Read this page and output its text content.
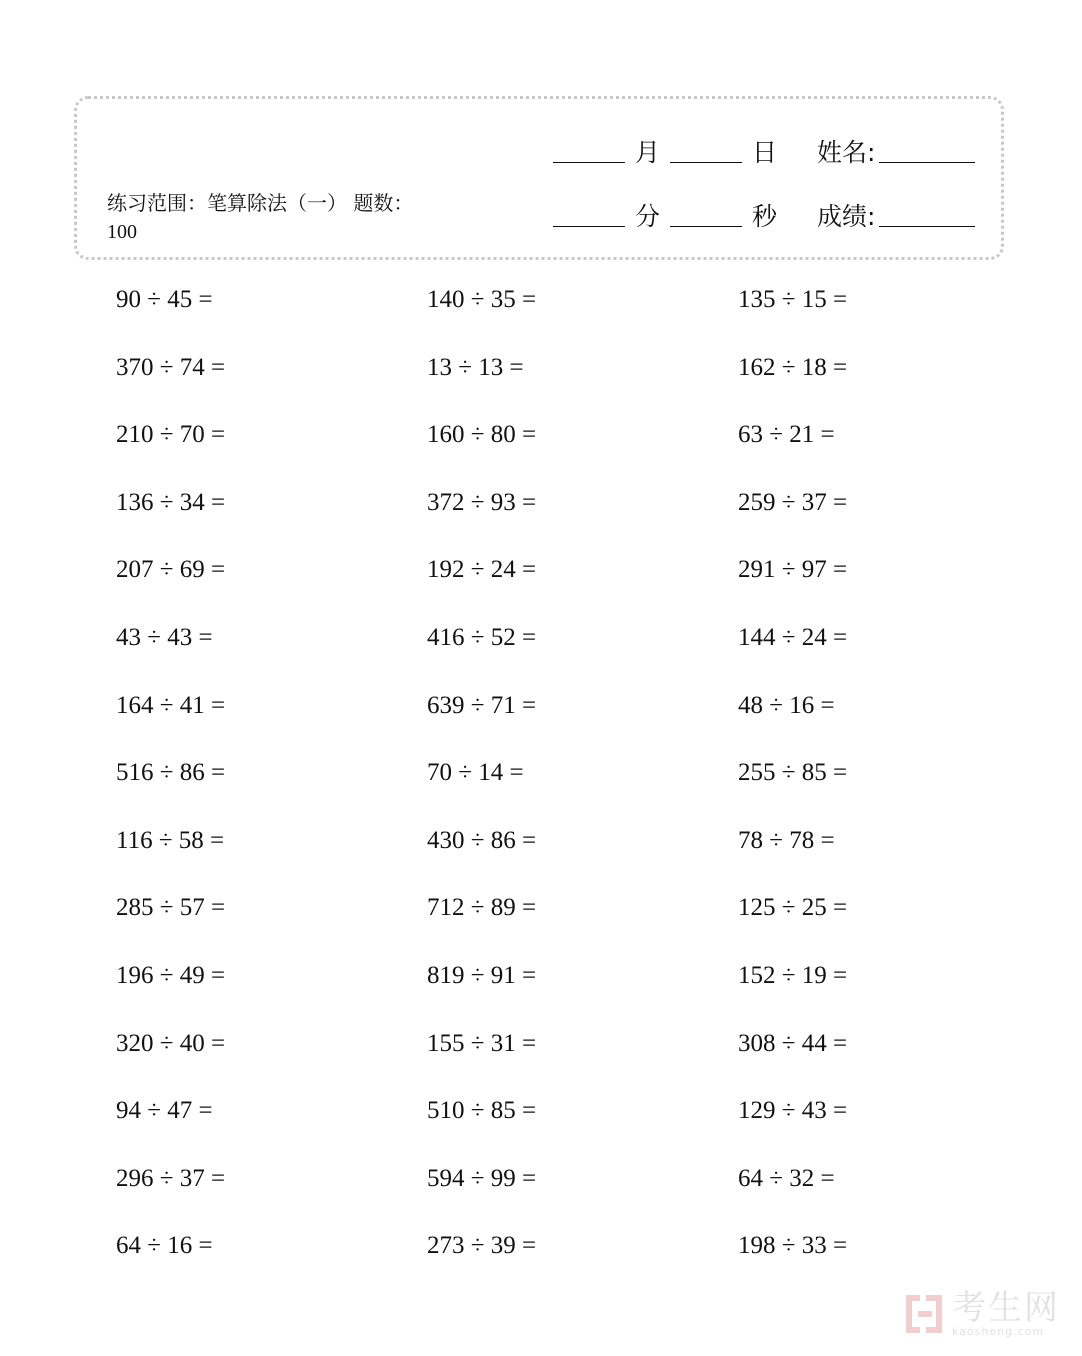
练习范围：笔算除法（一） 题数：100
月	日 姓名:
分	秒 成绩:
90 ÷ 45 =	140 ÷ 35 =	135 ÷ 15 =
370 ÷ 74 =	13 ÷ 13 =	162 ÷ 18 =
210 ÷ 70 =	160 ÷ 80 =	63 ÷ 21 =
136 ÷ 34 =	372 ÷ 93 =	259 ÷ 37 =
207 ÷ 69 =	192 ÷ 24 =	291 ÷ 97 =
43 ÷ 43 =	416 ÷ 52 =	144 ÷ 24 =
164 ÷ 41 =	639 ÷ 71 =	48 ÷ 16 =
516 ÷ 86 =	70 ÷ 14 =	255 ÷ 85 =
116 ÷ 58 =	430 ÷ 86 =	78 ÷ 78 =
285 ÷ 57 =	712 ÷ 89 =	125 ÷ 25 =
196 ÷ 49 =	819 ÷ 91 =	152 ÷ 19 =
320 ÷ 40 =	155 ÷ 31 =	308 ÷ 44 =
94 ÷ 47 =	510 ÷ 85 =	129 ÷ 43 =
296 ÷ 37 =	594 ÷ 99 =	64 ÷ 32 =
64 ÷ 16 =	273 ÷ 39 =	198 ÷ 33 =
考生网
kaosheng.com
